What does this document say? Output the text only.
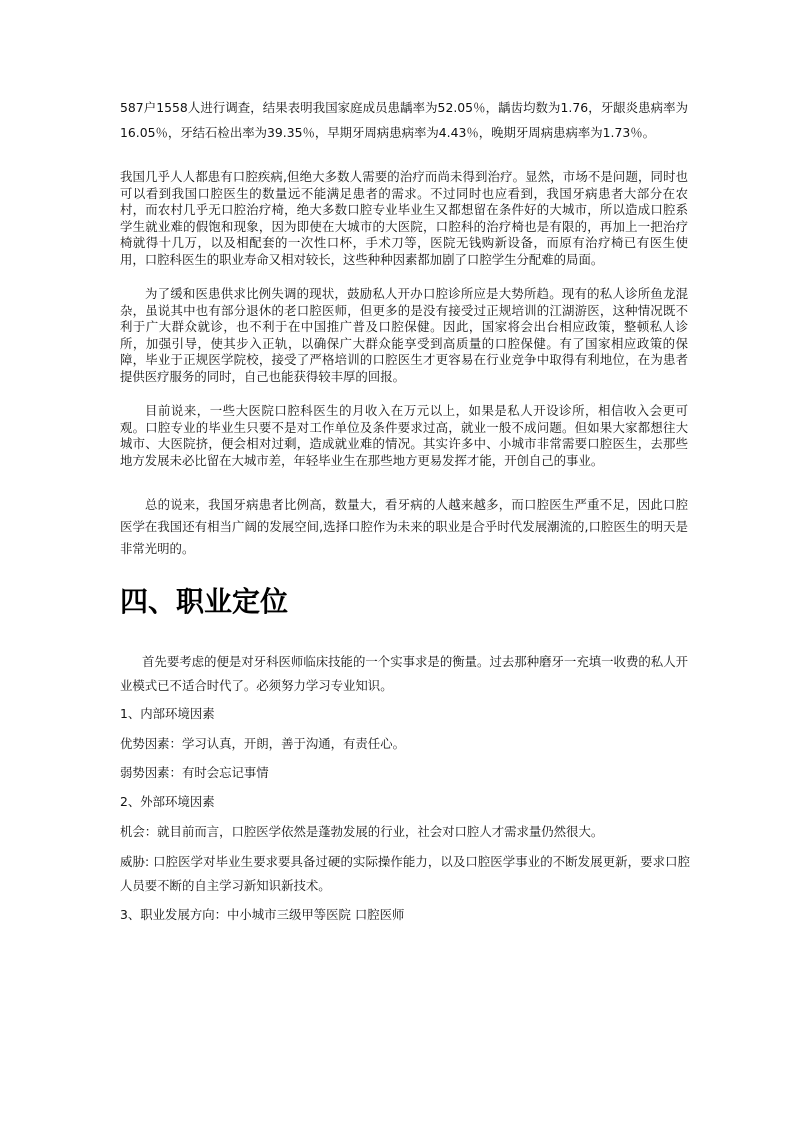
587户1558人进行调查，结果表明我国家庭成员患龋率为52.05％，龋齿均数为1.76，牙龈炎患病率为16.05％，牙结石检出率为39.35％，早期牙周病患病率为4.43％，晚期牙周病患病率为1.73％。

我国几乎人人都患有口腔疾病,但绝大多数人需要的治疗而尚未得到治疗。显然，市场不是问题，同时也可以看到我国口腔医生的数量远不能满足患者的需求。不过同时也应看到，我国牙病患者大部分在农村，而农村几乎无口腔治疗椅，绝大多数口腔专业毕业生又都想留在条件好的大城市，所以造成口腔系学生就业难的假饱和现象，因为即使在大城市的大医院，口腔科的治疗椅也是有限的，再加上一把治疗椅就得十几万，以及相配套的一次性口杯，手术刀等，医院无钱购新设备，而原有治疗椅已有医生使用，口腔科医生的职业寿命又相对较长，这些种种因素都加剧了口腔学生分配难的局面。

为了缓和医患供求比例失调的现状，鼓励私人开办口腔诊所应是大势所趋。现有的私人诊所鱼龙混杂，虽说其中也有部分退休的老口腔医师，但更多的是没有接受过正规培训的江湖游医，这种情况既不利于广大群众就诊，也不利于在中国推广普及口腔保健。因此，国家将会出台相应政策，整顿私人诊所，加强引导，使其步入正轨，以确保广大群众能享受到高质量的口腔保健。有了国家相应政策的保障，毕业于正规医学院校，接受了严格培训的口腔医生才更容易在行业竞争中取得有利地位，在为患者提供医疗服务的同时，自己也能获得较丰厚的回报。

目前说来，一些大医院口腔科医生的月收入在万元以上，如果是私人开设诊所，相信收入会更可观。口腔专业的毕业生只要不是对工作单位及条件要求过高，就业一般不成问题。但如果大家都想往大城市、大医院挤，便会相对过剩，造成就业难的情况。其实许多中、小城市非常需要口腔医生，去那些地方发展未必比留在大城市差，年轻毕业生在那些地方更易发挥才能，开创自己的事业。

总的说来，我国牙病患者比例高，数量大，看牙病的人越来越多，而口腔医生严重不足，因此口腔医学在我国还有相当广阔的发展空间,选择口腔作为未来的职业是合乎时代发展潮流的,口腔医生的明天是非常光明的。

四、职业定位

首先要考虑的便是对牙科医师临床技能的一个实事求是的衡量。过去那种磨牙一充填一收费的私人开业模式已不适合时代了。必须努力学习专业知识。

1、内部环境因素

优势因素：学习认真，开朗，善于沟通，有责任心。

弱势因素：有时会忘记事情

2、外部环境因素

机会：就目前而言，口腔医学依然是蓬勃发展的行业，社会对口腔人才需求量仍然很大。

威胁: 口腔医学对毕业生要求要具备过硬的实际操作能力，以及口腔医学事业的不断发展更新，要求口腔人员要不断的自主学习新知识新技术。

3、职业发展方向：中小城市三级甲等医院 口腔医师
